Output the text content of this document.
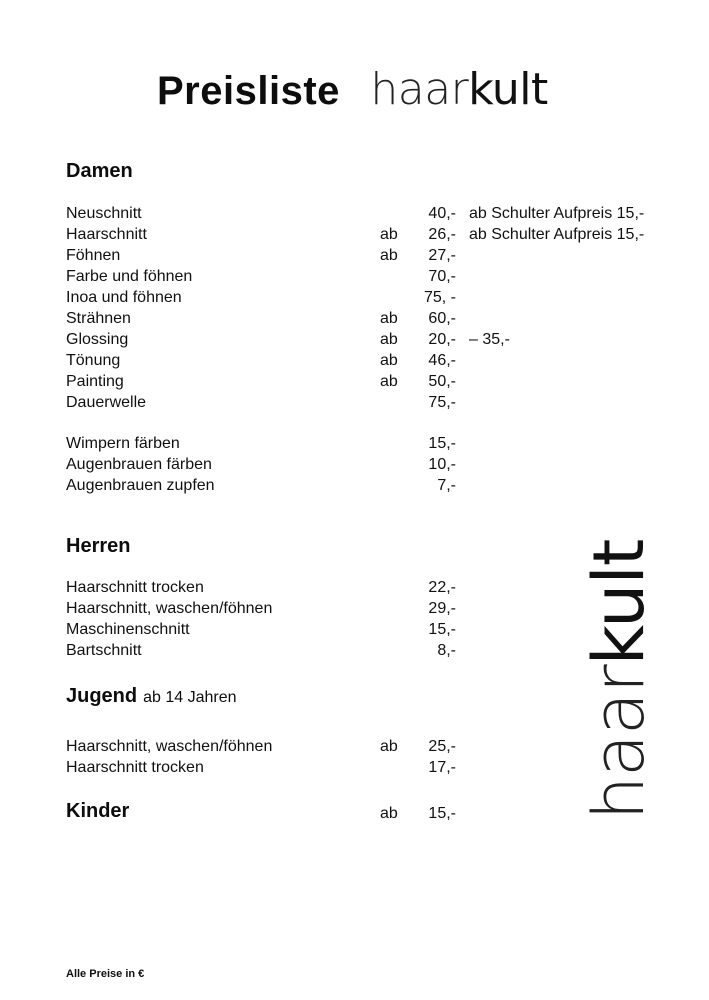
Preisliste haarkult
Damen
Neuschnitt	40,- ab Schulter Aufpreis 15,-
Haarschnitt	ab	26,- ab Schulter Aufpreis 15,-
Föhnen	ab	27,-
Farbe und föhnen	70,-
Inoa und föhnen	75, -
Strähnen	ab	60,-
Glossing	ab	20,- – 35,-
Tönung	ab	46,-
Painting	ab	50,-
Dauerwelle	75,-
Wimpern färben	15,-
Augenbrauen färben	10,-
Augenbrauen zupfen	7,-
Herren
Haarschnitt trocken	22,-
Haarschnitt, waschen/föhnen	29,-
Maschinenschnitt	15,-
Bartschnitt	8,-
Jugend ab 14 Jahren
Haarschnitt, waschen/föhnen	ab	25,-
Haarschnitt trocken	17,-
Kinder	ab	15,- haarkult
Alle Preise in €
